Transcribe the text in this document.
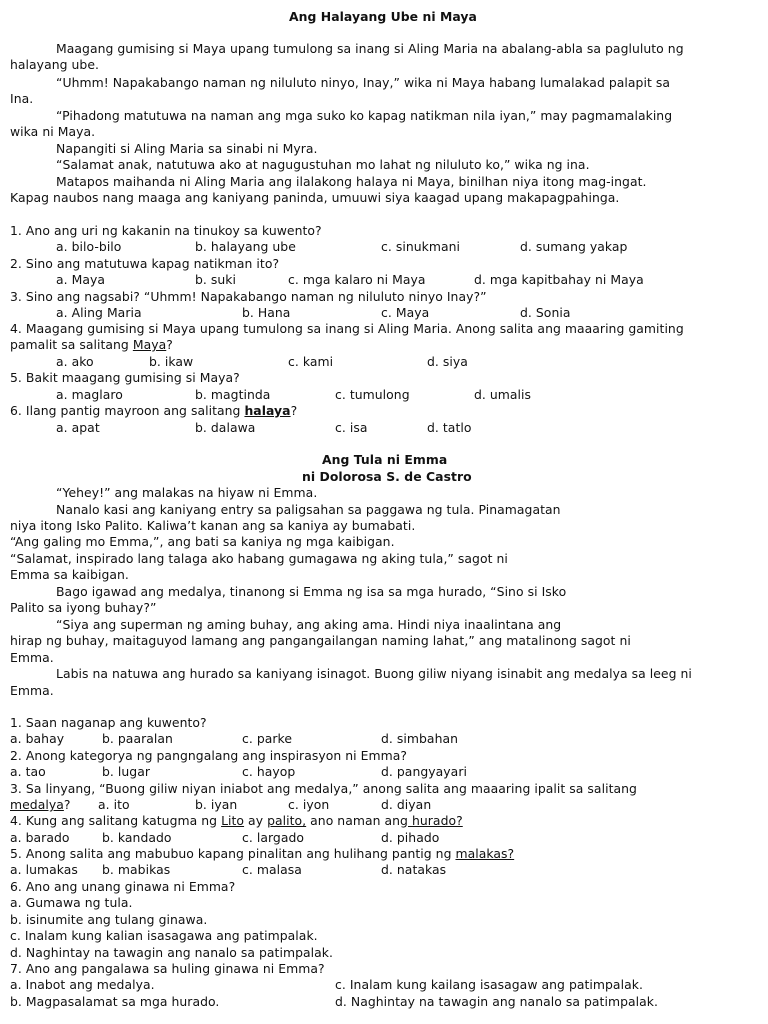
Ang Halayang Ube ni Maya
Maagang gumising si Maya upang tumulong sa inang si Aling Maria na abalang-abla sa pagluluto ng
halayang ube.
“Uhmm! Napakabango naman ng niluluto ninyo, Inay,” wika ni Maya habang lumalakad palapit sa
Ina.
“Pihadong matutuwa na naman ang mga suko ko kapag natikman nila iyan,” may pagmamalaking
wika ni Maya.
Napangiti si Aling Maria sa sinabi ni Myra.
“Salamat anak, natutuwa ako at nagugustuhan mo lahat ng niluluto ko,” wika ng ina.
Matapos maihanda ni Aling Maria ang ilalakong halaya ni Maya, binilhan niya itong mag-ingat.
Kapag naubos nang maaga ang kaniyang paninda, umuuwi siya kaagad upang makapagpahinga.
1. Ano ang uri ng kakanin na tinukoy sa kuwento?
a. bilo-bilo	b. halayang ube	c. sinukmani	d. sumang yakap
2. Sino ang matutuwa kapag natikman ito?
a. Maya	b. suki	c. mga kalaro ni Maya	d. mga kapitbahay ni Maya
3. Sino ang nagsabi? “Uhmm! Napakabango naman ng niluluto ninyo Inay?”
a. Aling Maria	b. Hana	c. Maya	d. Sonia
4. Maagang gumising si Maya upang tumulong sa inang si Aling Maria. Anong salita ang maaaring gamiting
pamalit sa salitang Maya?
a. ako	b. ikaw	c. kami	d. siya
5. Bakit maagang gumising si Maya?
a. maglaro	b. magtinda	c. tumulong	d. umalis
6. Ilang pantig mayroon ang salitang halaya?
a. apat	b. dalawa	c. isa	d. tatlo
Ang Tula ni Emma
ni Dolorosa S. de Castro
“Yehey!” ang malakas na hiyaw ni Emma.
Nanalo kasi ang kaniyang entry sa paligsahan sa paggawa ng tula. Pinamagatan
niya itong Isko Palito. Kaliwa’t kanan ang sa kaniya ay bumabati.
“Ang galing mo Emma,”, ang bati sa kaniya ng mga kaibigan.
“Salamat, inspirado lang talaga ako habang gumagawa ng aking tula,” sagot ni
Emma sa kaibigan.
Bago igawad ang medalya, tinanong si Emma ng isa sa mga hurado, “Sino si Isko
Palito sa iyong buhay?”
“Siya ang superman ng aming buhay, ang aking ama. Hindi niya inaalintana ang
hirap ng buhay, maitaguyod lamang ang pangangailangan naming lahat,” ang matalinong sagot ni
Emma.
Labis na natuwa ang hurado sa kaniyang isinagot. Buong giliw niyang isinabit ang medalya sa leeg ni
Emma.
1. Saan naganap ang kuwento?
a. bahay	b. paaralan	c. parke	d. simbahan
2. Anong kategorya ng pangngalang ang inspirasyon ni Emma?
a. tao	b. lugar	c. hayop	d. pangyayari
3. Sa linyang, “Buong giliw niyan iniabot ang medalya,” anong salita ang maaaring ipalit sa salitang
medalya? a. ito	b. iyan	c. iyon	d. diyan
4. Kung ang salitang katugma ng Lito ay palito, ano naman ang hurado?
a. barado	b. kandado	c. largado	d. pihado
5. Anong salita ang mabubuo kapang pinalitan ang hulihang pantig ng malakas?
a. lumakas b. mabikas	c. malasa	d. natakas
6. Ano ang unang ginawa ni Emma?
a. Gumawa ng tula.
b. isinumite ang tulang ginawa.
c. Inalam kung kalian isasagawa ang patimpalak.
d. Naghintay na tawagin ang nanalo sa patimpalak.
7. Ano ang pangalawa sa huling ginawa ni Emma?
a. Inabot ang medalya.	c. Inalam kung kailang isasagaw ang patimpalak.
b. Magpasalamat sa mga hurado.	d. Naghintay na tawagin ang nanalo sa patimpalak.
